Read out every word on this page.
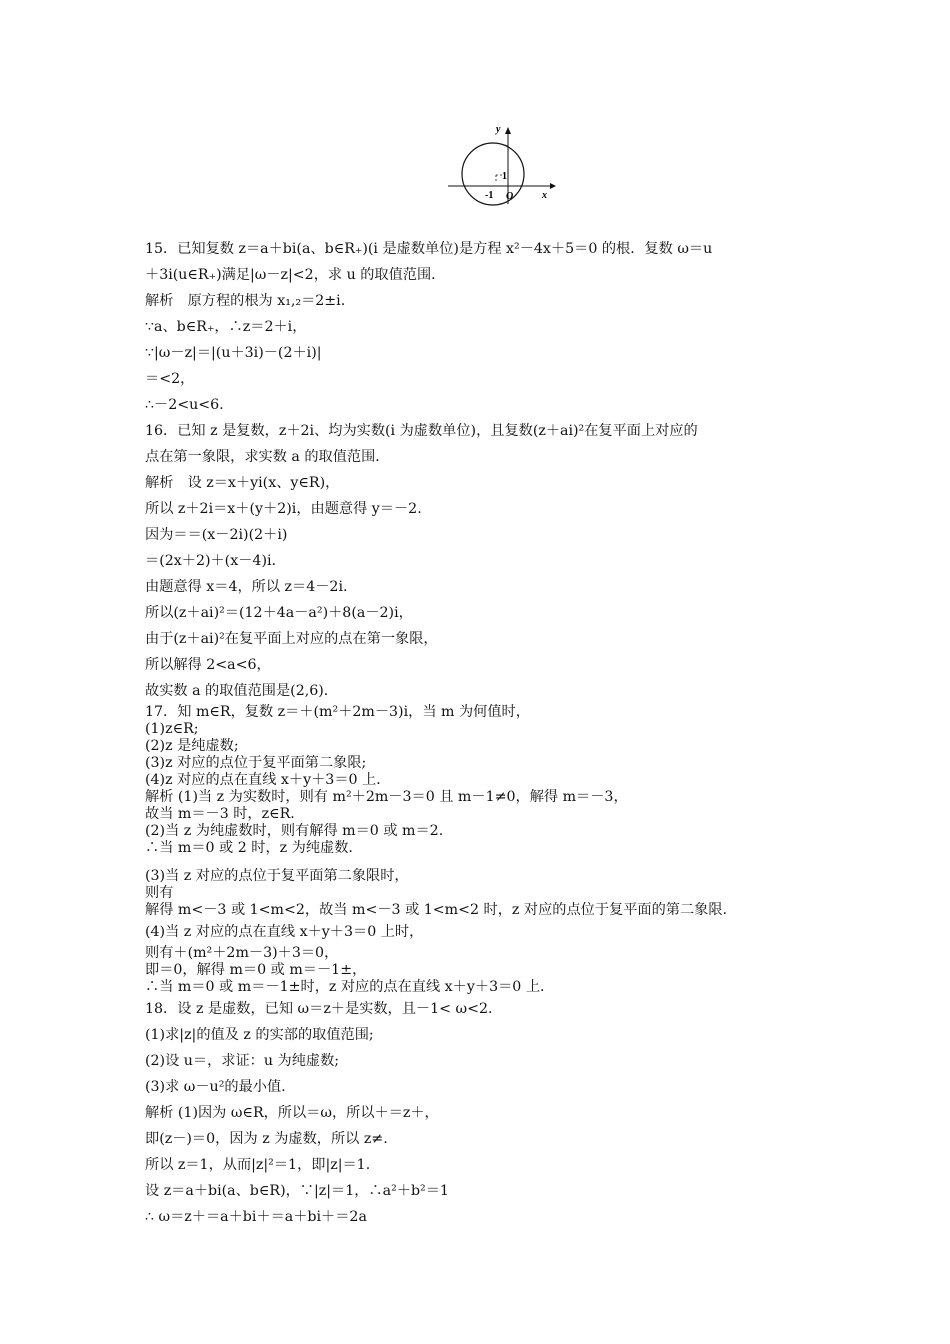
y
x
1
-1 O
15．已知复数 z＝a＋bi(a、b∈R₊)(i 是虚数单位)是方程 x²－4x＋5＝0 的根．复数 ω＝u
＋3i(u∈R₊)满足|ω－z|<2，求 u 的取值范围．
解析　原方程的根为 x₁,₂＝2±i.
∵a、b∈R₊，∴z＝2＋i，
∵|ω－z|＝|(u＋3i)－(2＋i)|
＝<2，
∴－2<u<6.
16．已知 z 是复数，z＋2i、均为实数(i 为虚数单位)，且复数(z＋ai)²在复平面上对应的
点在第一象限，求实数 a 的取值范围．
解析　设 z＝x＋yi(x、y∈R)，
所以 z＋2i＝x＋(y＋2)i，由题意得 y＝－2.
因为＝＝(x－2i)(2＋i)
＝(2x＋2)＋(x－4)i.
由题意得 x＝4，所以 z＝4－2i.
所以(z＋ai)²＝(12＋4a－a²)＋8(a－2)i，
由于(z＋ai)²在复平面上对应的点在第一象限，
所以解得 2<a<6，
故实数 a 的取值范围是(2,6)．
17．知 m∈R，复数 z＝＋(m²＋2m－3)i，当 m 为何值时，
(1)z∈R;
(2)z 是纯虚数;
(3)z 对应的点位于复平面第二象限;
(4)z 对应的点在直线 x＋y＋3＝0 上．
解析 (1)当 z 为实数时，则有 m²＋2m－3＝0 且 m－1≠0，解得 m＝－3，
故当 m＝－3 时，z∈R.
(2)当 z 为纯虚数时，则有解得 m＝0 或 m＝2.
∴当 m＝0 或 2 时，z 为纯虚数.
(3)当 z 对应的点位于复平面第二象限时，
则有
解得 m<－3 或 1<m<2，故当 m<－3 或 1<m<2 时，z 对应的点位于复平面的第二象限.
(4)当 z 对应的点在直线 x＋y＋3＝0 上时，
则有＋(m²＋2m－3)＋3＝0，
即＝0，解得 m＝0 或 m＝－1±，
∴当 m＝0 或 m＝－1±时，z 对应的点在直线 x＋y＋3＝0 上．
18．设 z 是虚数，已知 ω＝z＋是实数，且－1< ω<2.
(1)求|z|的值及 z 的实部的取值范围;
(2)设 u＝，求证：u 为纯虚数;
(3)求 ω－u²的最小值.
解析 (1)因为 ω∈R，所以＝ω，所以＋＝z＋，
即(z－)＝0，因为 z 为虚数，所以 z≠.
所以 z＝1，从而|z|²＝1，即|z|＝1.
设 z＝a＋bi(a、b∈R)，∵|z|＝1，∴a²＋b²＝1
∴ ω＝z＋＝a＋bi＋＝a＋bi＋＝2a
